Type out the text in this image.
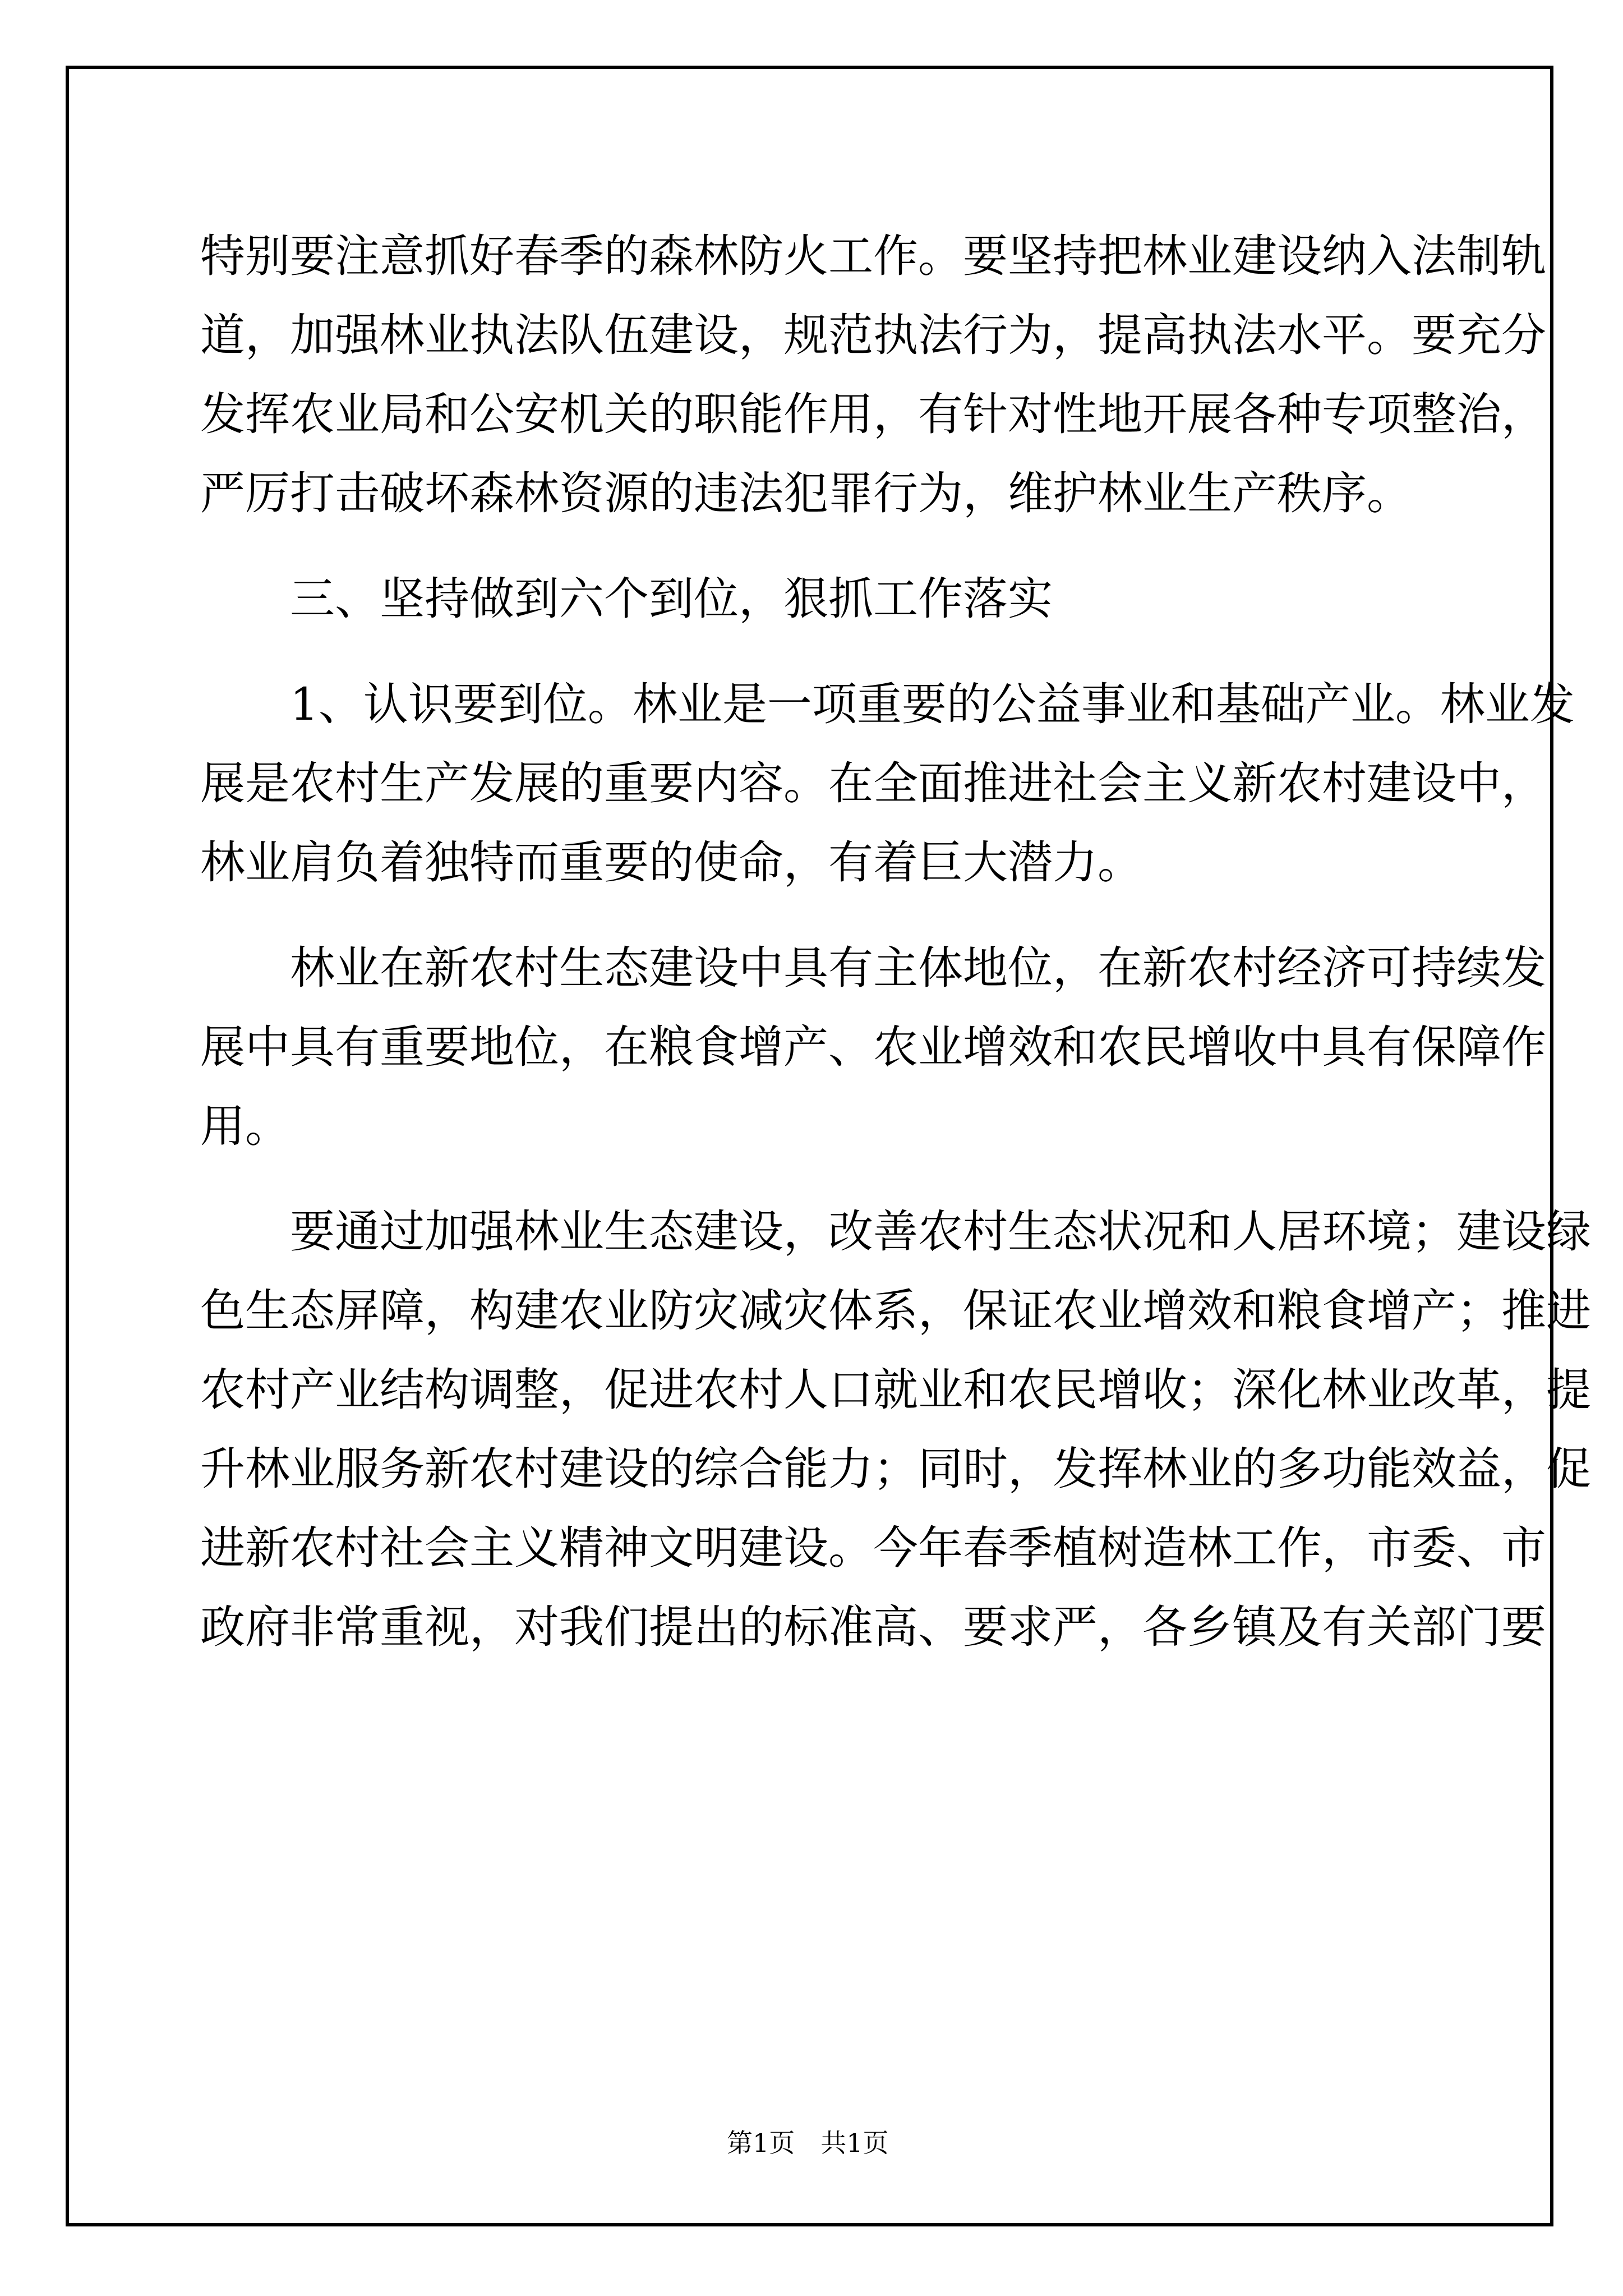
特别要注意抓好春季的森林防火工作。要坚持把林业建设纳入法制轨
道，加强林业执法队伍建设，规范执法行为，提高执法水平。要充分
发挥农业局和公安机关的职能作用，有针对性地开展各种专项整治，
严厉打击破坏森林资源的违法犯罪行为，维护林业生产秩序。
三、坚持做到六个到位，狠抓工作落实
1、认识要到位。林业是一项重要的公益事业和基础产业。林业发
展是农村生产发展的重要内容。在全面推进社会主义新农村建设中，
林业肩负着独特而重要的使命，有着巨大潜力。
林业在新农村生态建设中具有主体地位，在新农村经济可持续发
展中具有重要地位，在粮食增产、农业增效和农民增收中具有保障作
用。
要通过加强林业生态建设，改善农村生态状况和人居环境；建设绿
色生态屏障，构建农业防灾减灾体系，保证农业增效和粮食增产；推进
农村产业结构调整，促进农村人口就业和农民增收；深化林业改革，提
升林业服务新农村建设的综合能力；同时，发挥林业的多功能效益，促
进新农村社会主义精神文明建设。今年春季植树造林工作，市委、市
政府非常重视，对我们提出的标准高、要求严，各乡镇及有关部门要
第1页　共1页
